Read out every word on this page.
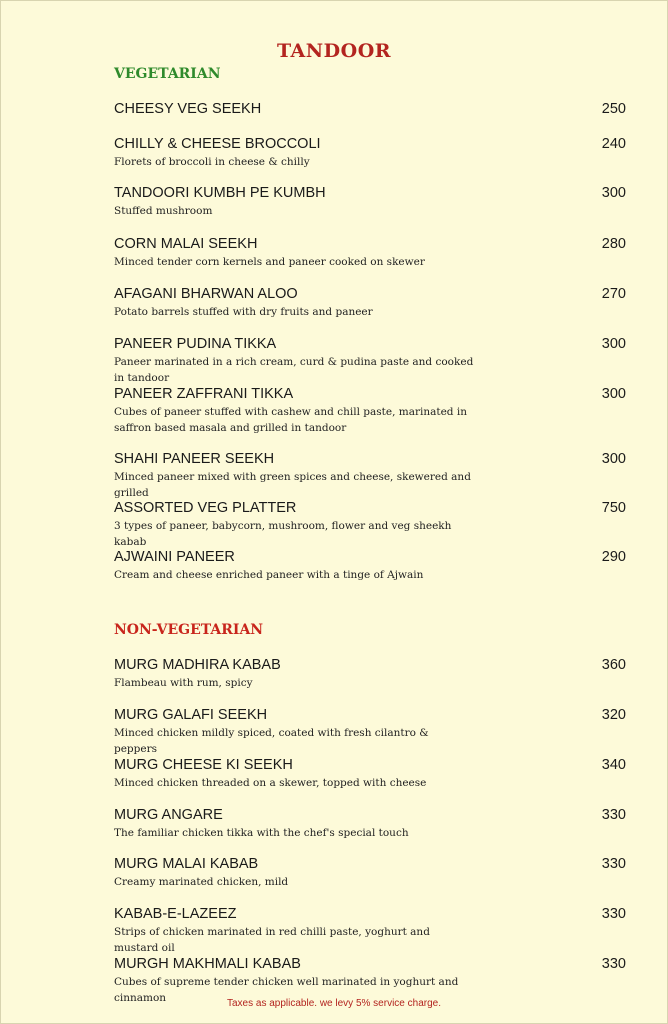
TANDOOR
VEGETARIAN
CHEESY VEG SEEKH	250
CHILLY & CHEESE BROCCOLI	240
Florets of broccoli in cheese & chilly
TANDOORI KUMBH PE KUMBH	300
Stuffed mushroom
CORN MALAI SEEKH	280
Minced tender corn kernels and paneer cooked on skewer
AFAGANI BHARWAN ALOO	270
Potato barrels stuffed with dry fruits and paneer
PANEER PUDINA TIKKA	300
Paneer marinated in a rich cream, curd & pudina paste and cooked in tandoor
PANEER ZAFFRANI TIKKA	300
Cubes of paneer stuffed with cashew and chill paste, marinated in saffron based masala and grilled in tandoor
SHAHI PANEER SEEKH	300
Minced paneer mixed with green spices and cheese, skewered and grilled
ASSORTED VEG PLATTER	750
3 types of paneer, babycorn, mushroom, flower and veg sheekh kabab
AJWAINI PANEER	290
Cream and cheese enriched paneer with a tinge of Ajwain
NON-VEGETARIAN
MURG MADHIRA KABAB	360
Flambeau with rum, spicy
MURG GALAFI SEEKH	320
Minced chicken mildly spiced, coated with fresh cilantro & peppers
MURG CHEESE KI SEEKH	340
Minced chicken threaded on a skewer, topped with cheese
MURG ANGARE	330
The familiar chicken tikka with the chef's special touch
MURG MALAI KABAB	330
Creamy marinated chicken, mild
KABAB-E-LAZEEZ	330
Strips of chicken marinated in red chilli paste, yoghurt and mustard oil
MURGH MAKHMALI KABAB	330
Cubes of supreme tender chicken well marinated in yoghurt and cinnamon	Taxes as applicable. we levy 5% service charge.
